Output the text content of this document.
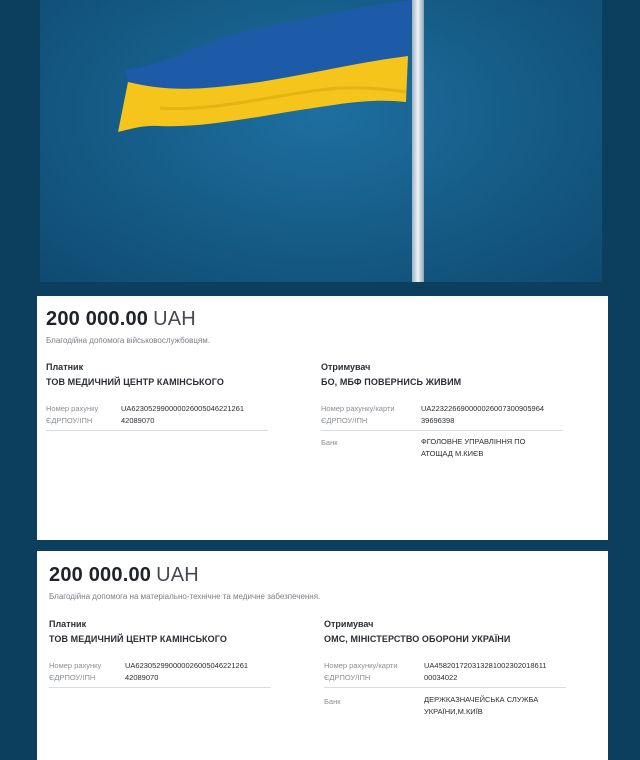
200 000.00 UAH
Благодійна допомога військовослужбовцям.
Платник
ТОВ МЕДИЧНИЙ ЦЕНТР КАМІНСЬКОГО
Номер рахунку	UA623052990000026005046221261
ЄДРПОУ/ІПН	42089070
Отримувач
БО, МБФ ПОВЕРНИСЬ ЖИВИМ
Номер рахунку/карти	UA223226690000026007300905964
ЄДРПОУ/ІПН	39696398
Банк	ФГОЛОВНЕ УПРАВЛІННЯ ПО АТОЩАД М.КИЄВ
200 000.00 UAH
Благодійна допомога на матеріально-технічне та медичне забезпечення.
Платник
ТОВ МЕДИЧНИЙ ЦЕНТР КАМІНСЬКОГО
Номер рахунку	UA623052990000026005046221261
ЄДРПОУ/ІПН	42089070
Отримувач
ОМС, МІНІСТЕРСТВО ОБОРОНИ УКРАЇНИ
Номер рахунку/карти	UA458201720313281002302018611
ЄДРПОУ/ІПН	00034022
Банк	ДЕРЖКАЗНАЧЕЙСЬКА СЛУЖБА УКРАЇНИ,М.КИЇВ
